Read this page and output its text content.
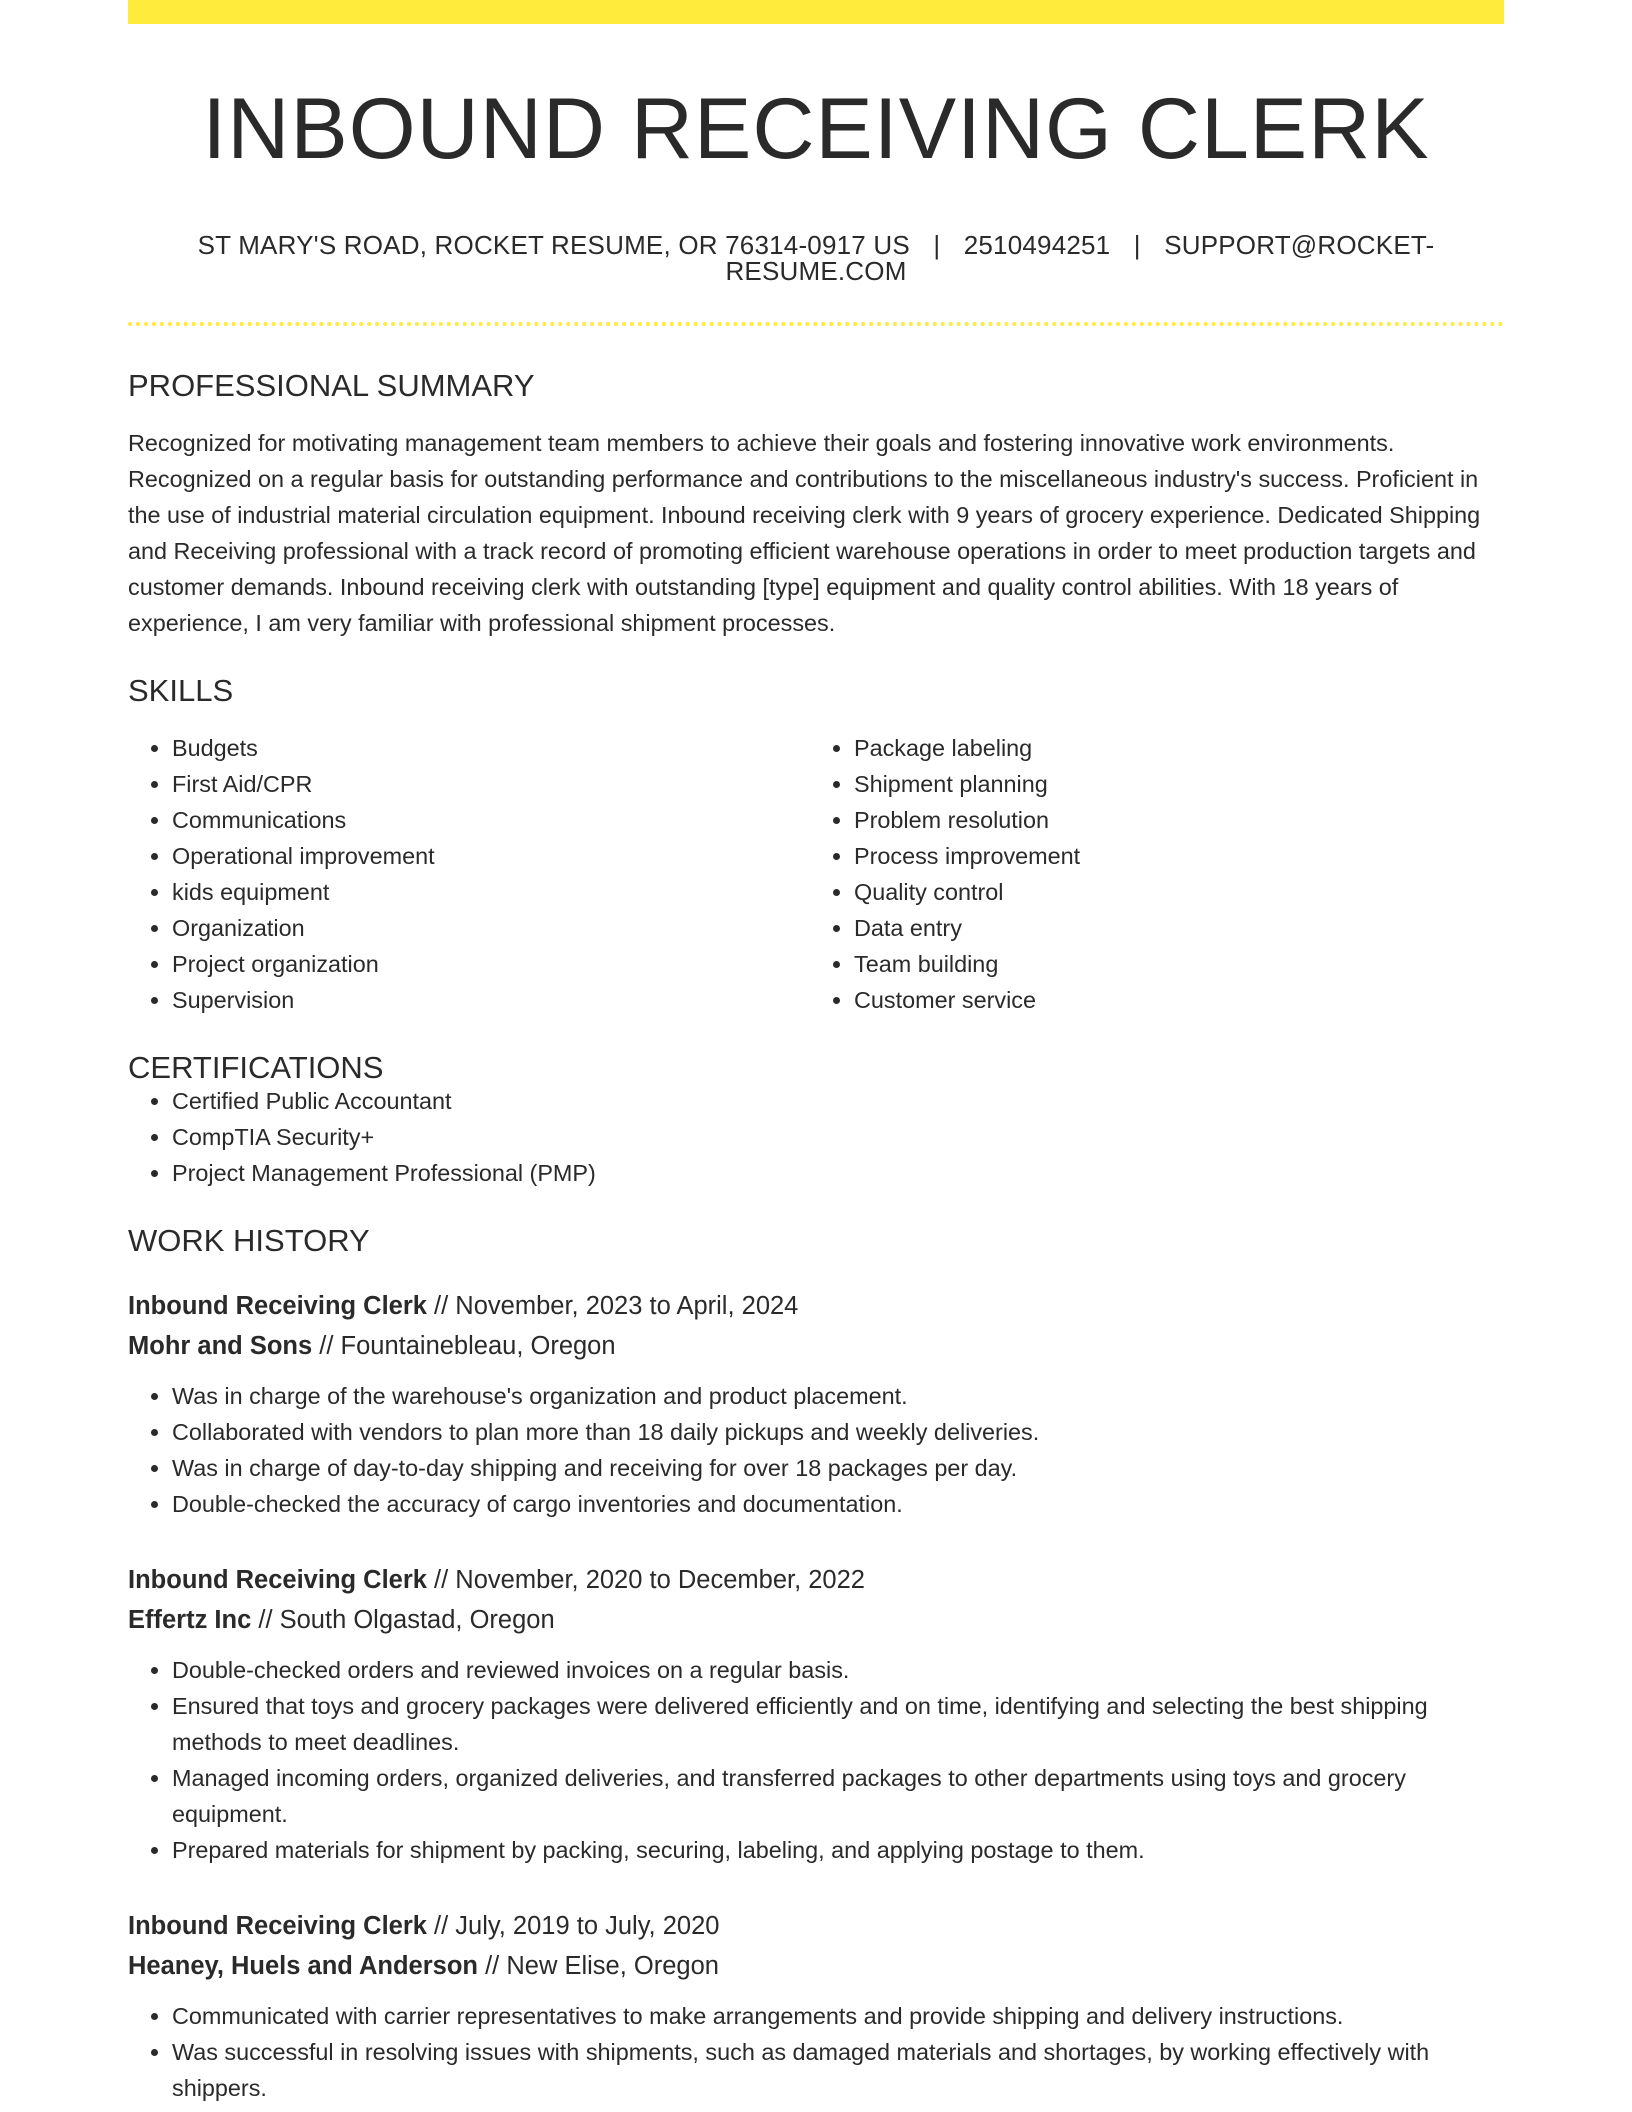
INBOUND RECEIVING CLERK
ST MARY'S ROAD, ROCKET RESUME, OR 76314-0917 US | 2510494251 | SUPPORT@ROCKET-RESUME.COM
PROFESSIONAL SUMMARY
Recognized for motivating management team members to achieve their goals and fostering innovative work environments. Recognized on a regular basis for outstanding performance and contributions to the miscellaneous industry's success. Proficient in the use of industrial material circulation equipment. Inbound receiving clerk with 9 years of grocery experience. Dedicated Shipping and Receiving professional with a track record of promoting efficient warehouse operations in order to meet production targets and customer demands. Inbound receiving clerk with outstanding [type] equipment and quality control abilities. With 18 years of experience, I am very familiar with professional shipment processes.
SKILLS
• Budgets
• First Aid/CPR
• Communications
• Operational improvement
• kids equipment
• Organization
• Project organization
• Supervision
• Package labeling
• Shipment planning
• Problem resolution
• Process improvement
• Quality control
• Data entry
• Team building
• Customer service
CERTIFICATIONS
• Certified Public Accountant
• CompTIA Security+
• Project Management Professional (PMP)
WORK HISTORY
Inbound Receiving Clerk // November, 2023 to April, 2024
Mohr and Sons // Fountainebleau, Oregon
• Was in charge of the warehouse's organization and product placement.
• Collaborated with vendors to plan more than 18 daily pickups and weekly deliveries.
• Was in charge of day-to-day shipping and receiving for over 18 packages per day.
• Double-checked the accuracy of cargo inventories and documentation.
Inbound Receiving Clerk // November, 2020 to December, 2022
Effertz Inc // South Olgastad, Oregon
• Double-checked orders and reviewed invoices on a regular basis.
• Ensured that toys and grocery packages were delivered efficiently and on time, identifying and selecting the best shipping methods to meet deadlines.
• Managed incoming orders, organized deliveries, and transferred packages to other departments using toys and grocery equipment.
• Prepared materials for shipment by packing, securing, labeling, and applying postage to them.
Inbound Receiving Clerk // July, 2019 to July, 2020
Heaney, Huels and Anderson // New Elise, Oregon
• Communicated with carrier representatives to make arrangements and provide shipping and delivery instructions.
• Was successful in resolving issues with shipments, such as damaged materials and shortages, by working effectively with shippers.
